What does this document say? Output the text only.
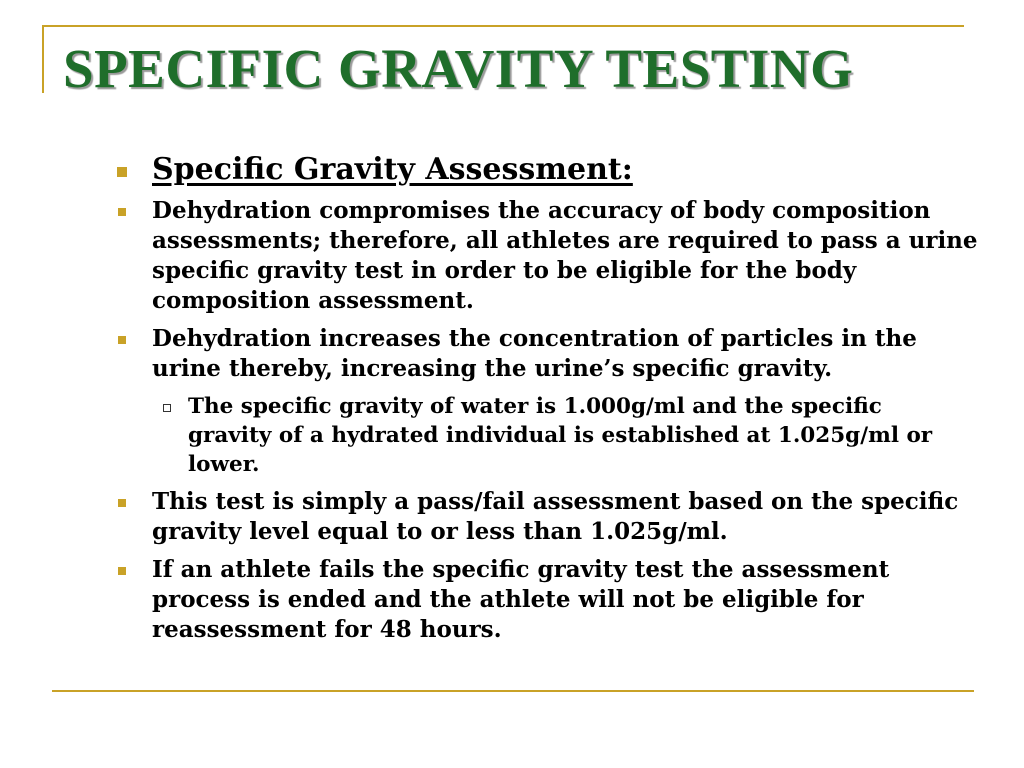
SPECIFIC GRAVITY TESTING
Specific Gravity Assessment:
Dehydration compromises the accuracy of body composition assessments; therefore, all athletes are required to pass a urine specific gravity test in order to be eligible for the body composition assessment.
Dehydration increases the concentration of particles in the urine thereby, increasing the urine’s specific gravity.
The specific gravity of water is 1.000g/ml and the specific gravity of a hydrated individual is established at 1.025g/ml or lower.
This test is simply a pass/fail assessment based on the specific gravity level equal to or less than 1.025g/ml.
If an athlete fails the specific gravity test the assessment process is ended and the athlete will not be eligible for reassessment for 48 hours.
